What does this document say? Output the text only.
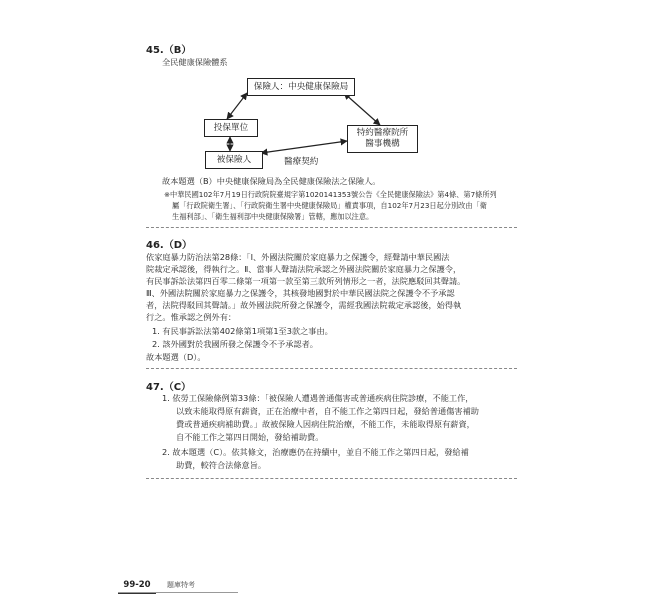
45.（B）
全民健康保險體系
保險人：中央健康保險局
投保單位
被保險人
特約醫療院所
醫事機構
醫療契約
故本題選（B）中央健康保險局為全民健康保險法之保險人。
※中華民國102年7月19日行政院院臺規字第1020141353號公告《全民健康保險法》第4條、第7條所列
屬「行政院衛生署」、「行政院衛生署中央健康保險局」權責事項，自102年7月23日起分別改由「衛
生福利部」、「衛生福利部中央健康保險署」管轄，應加以注意。
46.（D）
依家庭暴力防治法第28條：「Ⅰ、外國法院關於家庭暴力之保護令，經聲請中華民國法
院裁定承認後，得執行之。Ⅱ、當事人聲請法院承認之外國法院關於家庭暴力之保護令，
有民事訴訟法第四百零二條第一項第一款至第三款所列情形之一者，法院應駁回其聲請。
Ⅲ、外國法院關於家庭暴力之保護令，其核發地國對於中華民國法院之保護令不予承認
者，法院得駁回其聲請。」故外國法院所發之保護令，需經我國法院裁定承認後，始得執
行之。惟承認之例外有：
1. 有民事訴訟法第402條第1項第1至3款之事由。
2. 該外國對於我國所發之保護令不予承認者。
故本題選（D）。
47.（C）
1. 依勞工保險條例第33條：「被保險人遭遇普通傷害或普通疾病住院診療，不能工作，
以致未能取得原有薪資，正在治療中者，自不能工作之第四日起，發給普通傷害補助
費或普通疾病補助費。」故被保險人因病住院治療，不能工作，未能取得原有薪資，
自不能工作之第四日開始，發給補助費。
2. 故本題選（C）。依其條文，治療應仍在持續中，並自不能工作之第四日起，發給補
助費，較符合法條意旨。
99-20	題庫特考
